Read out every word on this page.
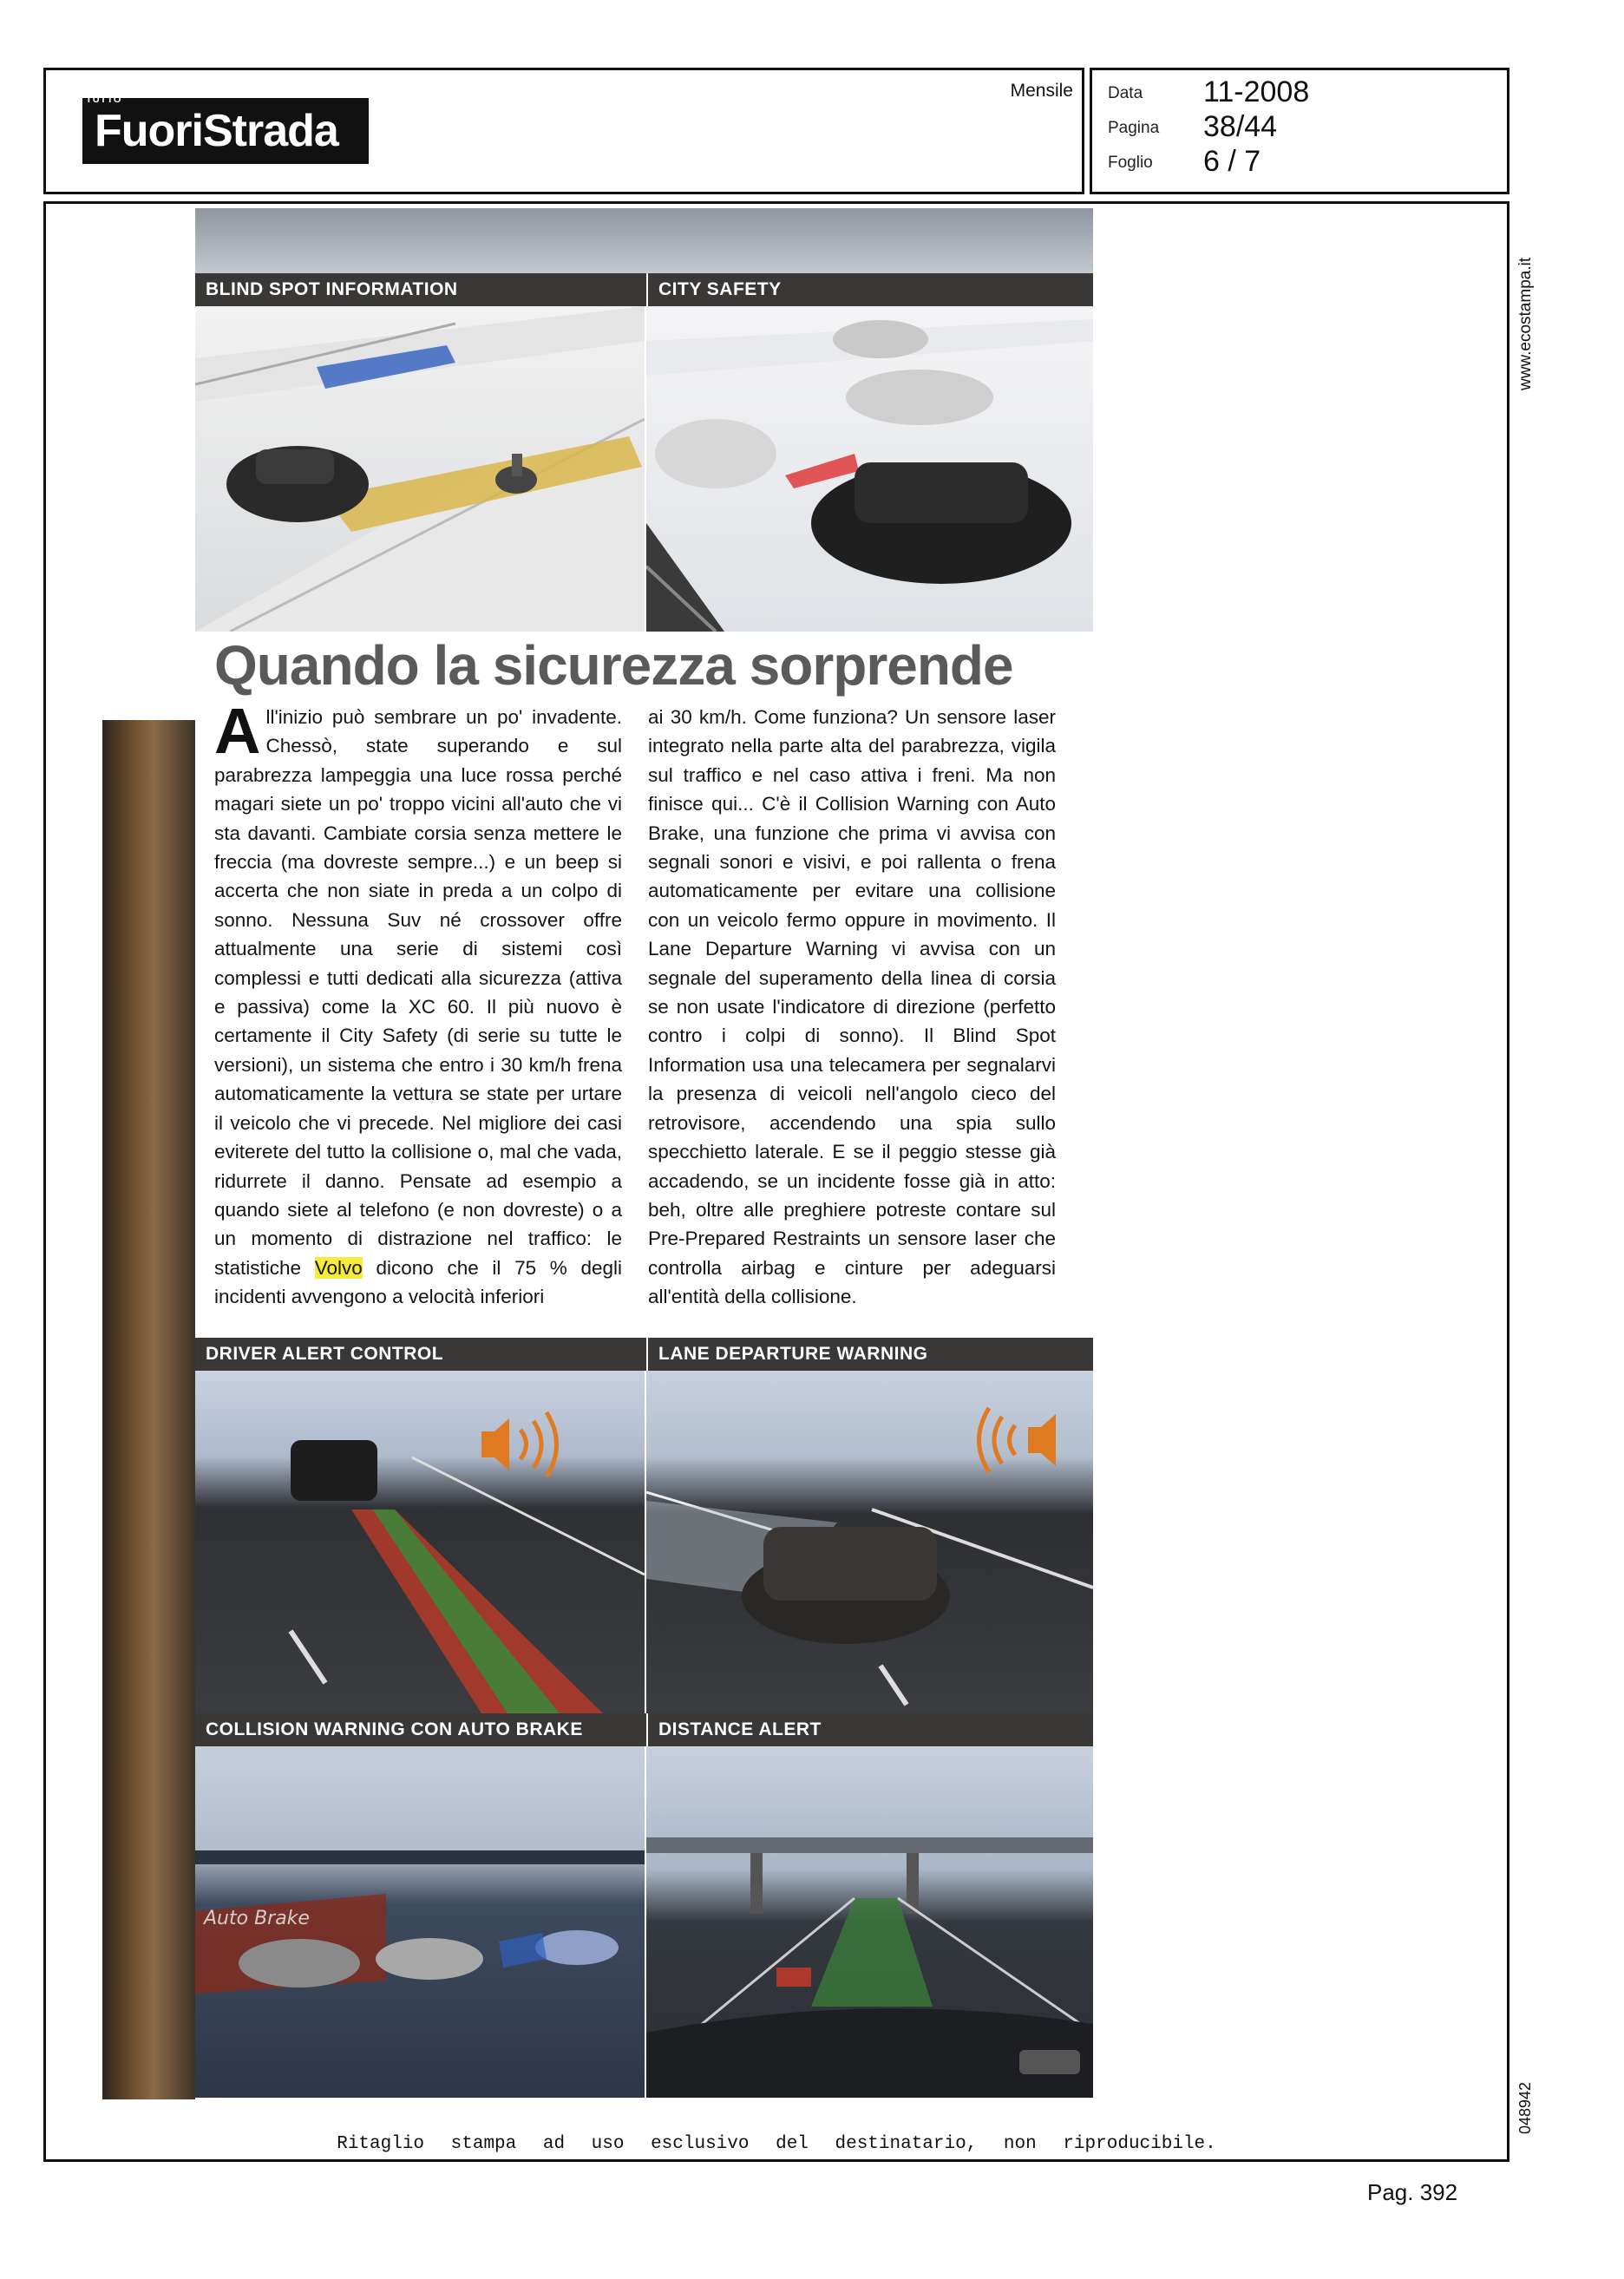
FuoriStrada
TUTTO	Mensile Data 11-2008
Pagina 38/44
Foglio 6 / 7
www.ecostampa.it
048942
BLIND SPOT INFORMATION	CITY SAFETY
Quando la sicurezza sorprende

All'inizio può sembrare un po' invadente. Chessò, state superando e sul parabrezza lampeggia una luce rossa perché magari siete un po' troppo vicini all'auto che vi sta davanti. Cambiate corsia senza mettere le freccia (ma dovreste sempre...) e un beep si accerta che non siate in preda a un colpo di sonno. Nessuna Suv né crossover offre attualmente una serie di sistemi così complessi e tutti dedicati alla sicurezza (attiva e passiva) come la XC 60. Il più nuovo è certamente il City Safety (di serie su tutte le versioni), un sistema che entro i 30 km/h frena automaticamente la vettura se state per urtare il veicolo che vi precede. Nel migliore dei casi eviterete del tutto la collisione o, mal che vada, ridurrete il danno. Pensate ad esempio a quando siete al telefono (e non dovreste) o a un momento di distrazione nel traffico: le statistiche Volvo dicono che il 75 % degli incidenti avvengono a velocità inferiori

ai 30 km/h. Come funziona? Un sensore laser integrato nella parte alta del parabrezza, vigila sul traffico e nel caso attiva i freni. Ma non finisce qui... C'è il Collision Warning con Auto Brake, una funzione che prima vi avvisa con segnali sonori e visivi, e poi rallenta o frena automaticamente per evitare una collisione con un veicolo fermo oppure in movimento. Il Lane Departure Warning vi avvisa con un segnale del superamento della linea di corsia se non usate l'indicatore di direzione (perfetto contro i colpi di sonno). Il Blind Spot Information usa una telecamera per segnalarvi la presenza di veicoli nell'angolo cieco del retrovisore, accendendo una spia sullo specchietto laterale. E se il peggio stesse già accadendo, se un incidente fosse già in atto: beh, oltre alle preghiere potreste contare sul Pre-Prepared Restraints un sensore laser che controlla airbag e cinture per adeguarsi all'entità della collisione.

DRIVER ALERT CONTROL	LANE DEPARTURE WARNING
COLLISION WARNING CON AUTO BRAKE	DISTANCE ALERT
Auto Brake
Ritaglio stampa ad uso esclusivo del destinatario, non riproducibile.
Pag. 392
